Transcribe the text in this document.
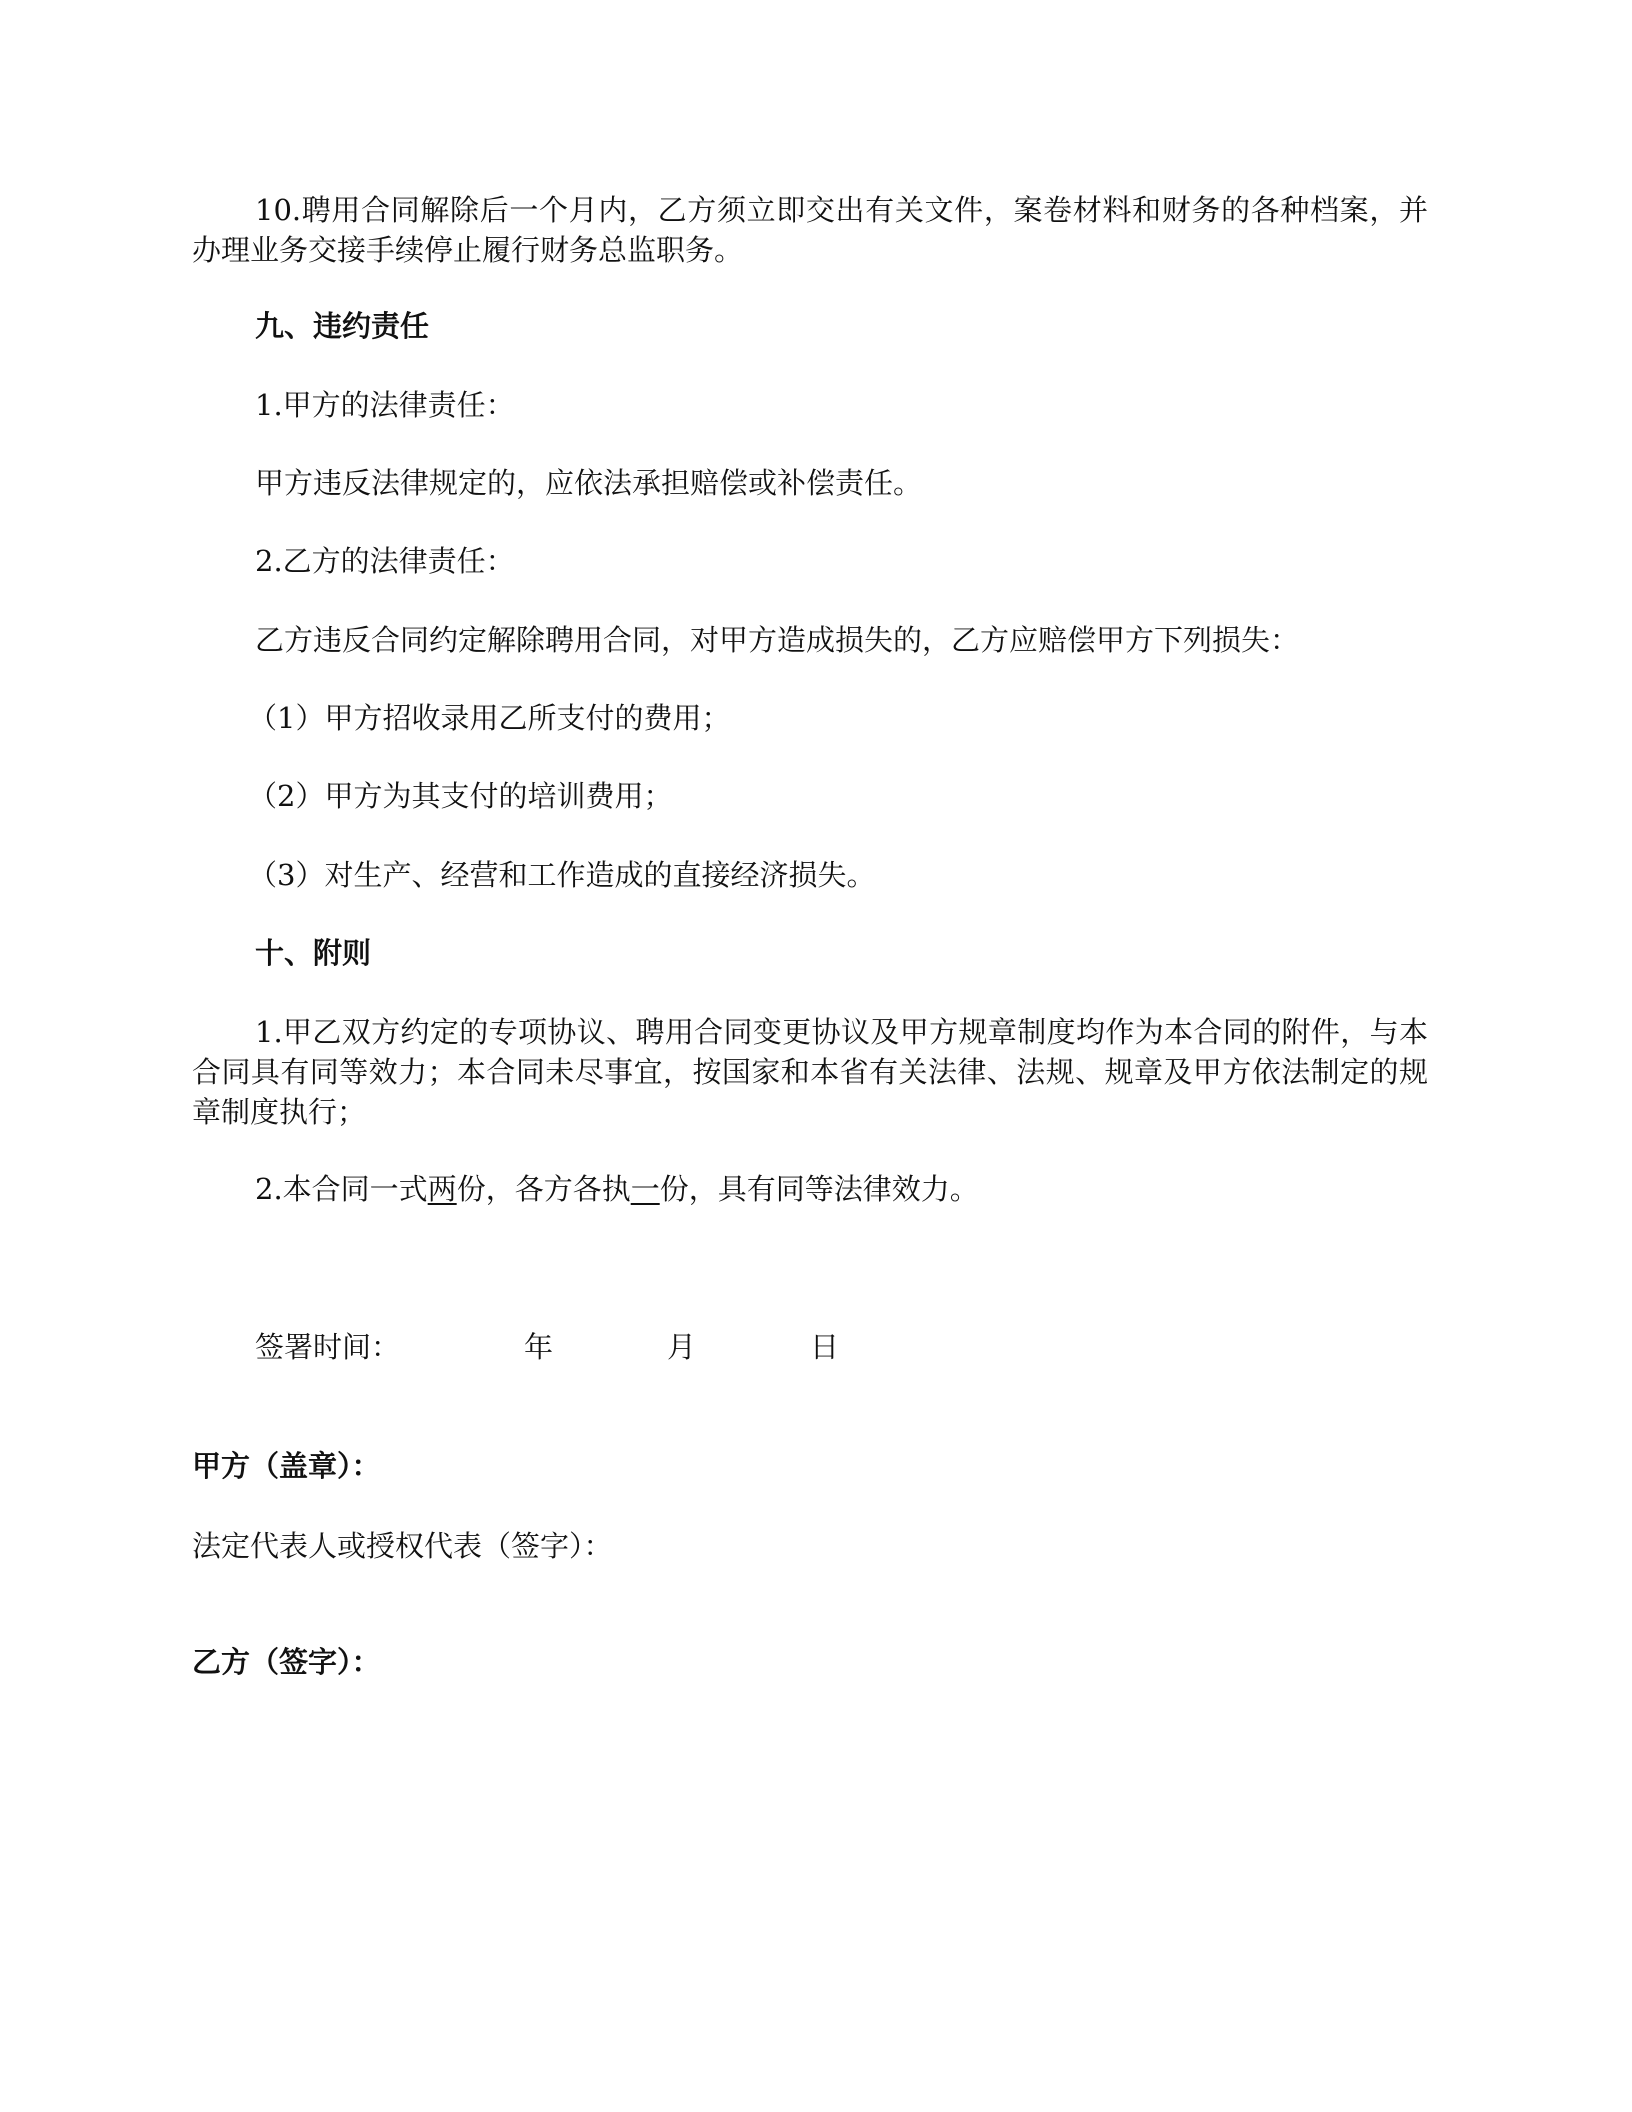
10.聘用合同解除后一个月内，乙方须立即交出有关文件，案卷材料和财务的各种档案，并办理业务交接手续停止履行财务总监职务。

九、违约责任

1.甲方的法律责任：

甲方违反法律规定的，应依法承担赔偿或补偿责任。

2.乙方的法律责任：

乙方违反合同约定解除聘用合同，对甲方造成损失的，乙方应赔偿甲方下列损失：

（1）甲方招收录用乙所支付的费用；

（2）甲方为其支付的培训费用；

（3）对生产、经营和工作造成的直接经济损失。

十、附则

1.甲乙双方约定的专项协议、聘用合同变更协议及甲方规章制度均作为本合同的附件，与本合同具有同等效力；本合同未尽事宜，按国家和本省有关法律、法规、规章及甲方依法制定的规章制度执行；

2.本合同一式两份，各方各执一份，具有同等法律效力。

签署时间：	年	月	日

甲方（盖章）：

法定代表人或授权代表（签字）：

乙方（签字）：
